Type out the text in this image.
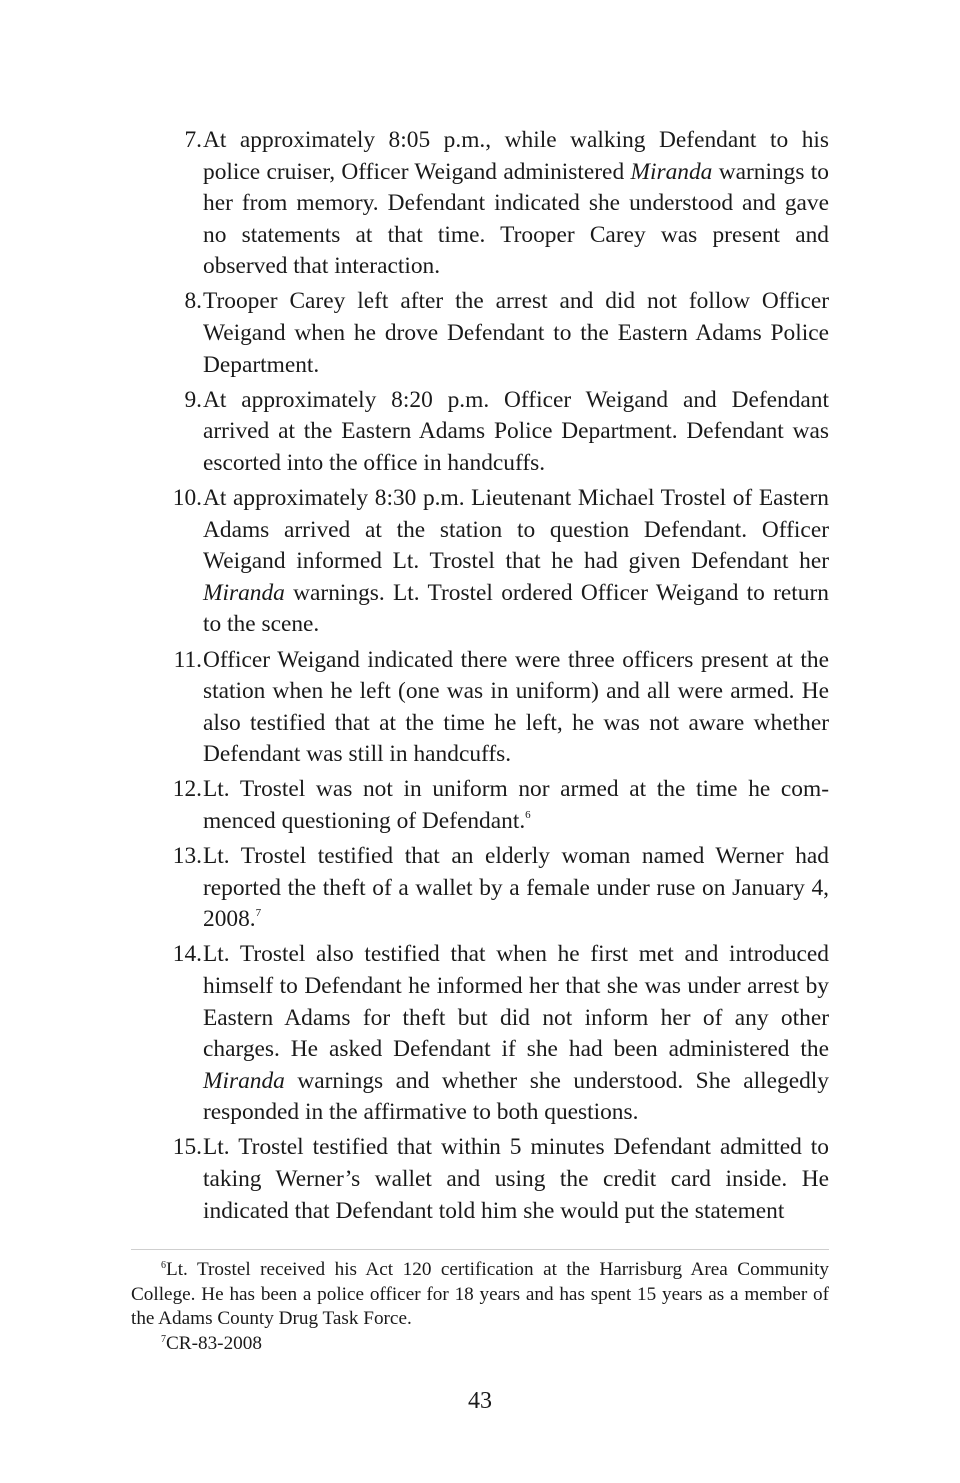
7. At approximately 8:05 p.m., while walking Defendant to his police cruiser, Officer Weigand administered Miranda warnings to her from memory. Defendant indicated she understood and gave no statements at that time. Trooper Carey was present and observed that interaction.
8. Trooper Carey left after the arrest and did not follow Officer Weigand when he drove Defendant to the Eastern Adams Police Department.
9. At approximately 8:20 p.m. Officer Weigand and Defendant arrived at the Eastern Adams Police Department. Defendant was escorted into the office in handcuffs.
10. At approximately 8:30 p.m. Lieutenant Michael Trostel of Eastern Adams arrived at the station to question Defendant. Officer Weigand informed Lt. Trostel that he had given Defendant her Miranda warnings. Lt. Trostel ordered Officer Weigand to return to the scene.
11. Officer Weigand indicated there were three officers present at the station when he left (one was in uniform) and all were armed. He also testified that at the time he left, he was not aware whether Defendant was still in handcuffs.
12. Lt. Trostel was not in uniform nor armed at the time he commenced questioning of Defendant.$^6$
13. Lt. Trostel testified that an elderly woman named Werner had reported the theft of a wallet by a female under ruse on January 4, 2008.$^7$
14. Lt. Trostel also testified that when he first met and introduced himself to Defendant he informed her that she was under arrest by Eastern Adams for theft but did not inform her of any other charges. He asked Defendant if she had been administered the Miranda warnings and whether she understood. She allegedly responded in the affirmative to both questions.
15. Lt. Trostel testified that within 5 minutes Defendant admitted to taking Werner’s wallet and using the credit card inside. He indicated that Defendant told him she would put the statement

$^6$Lt. Trostel received his Act 120 certification at the Harrisburg Area Community College. He has been a police officer for 18 years and has spent 15 years as a member of the Adams County Drug Task Force.

$^7$CR-83-2008

43
